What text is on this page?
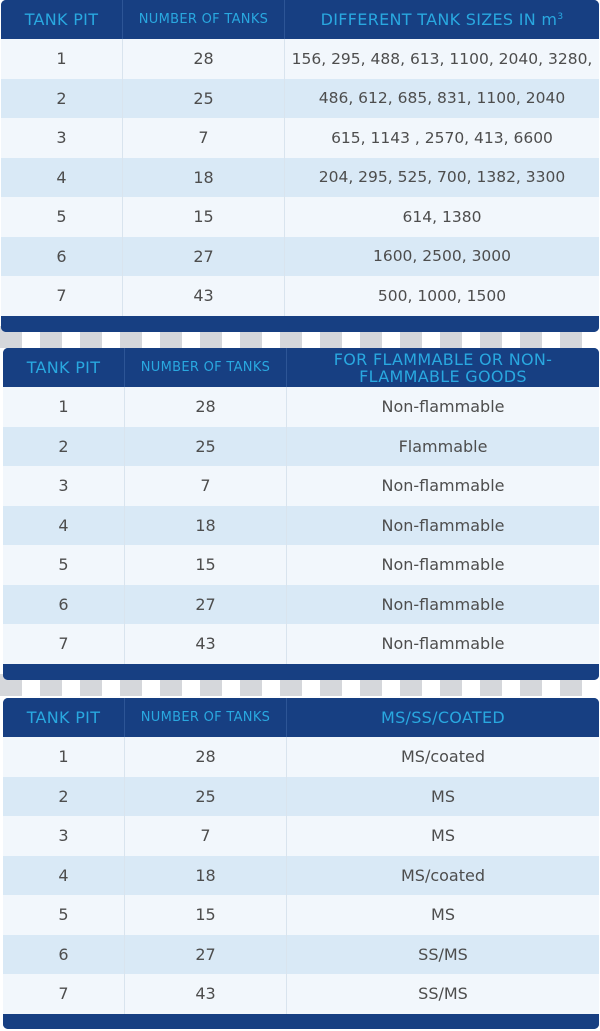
TANK PIT	NUMBER OF TANKS	DIFFERENT TANK SIZES IN $m^3$
1	28	156, 295, 488, 613, 1100, 2040, 3280,
2	25	486, 612, 685, 831, 1100, 2040
3	7	615, 1143 , 2570, 413, 6600
4	18	204, 295, 525, 700, 1382, 3300
5	15	614, 1380
6	27	1600, 2500, 3000
7	43	500, 1000, 1500
TANK PIT	NUMBER OF TANKS	FOR FLAMMABLE OR NON-FLAMMABLE GOODS
1	28	Non-flammable
2	25	Flammable
3	7	Non-flammable
4	18	Non-flammable
5	15	Non-flammable
6	27	Non-flammable
7	43	Non-flammable
TANK PIT	NUMBER OF TANKS	MS/SS/COATED
1	28	MS/coated
2	25	MS
3	7	MS
4	18	MS/coated
5	15	MS
6	27	SS/MS
7	43	SS/MS
